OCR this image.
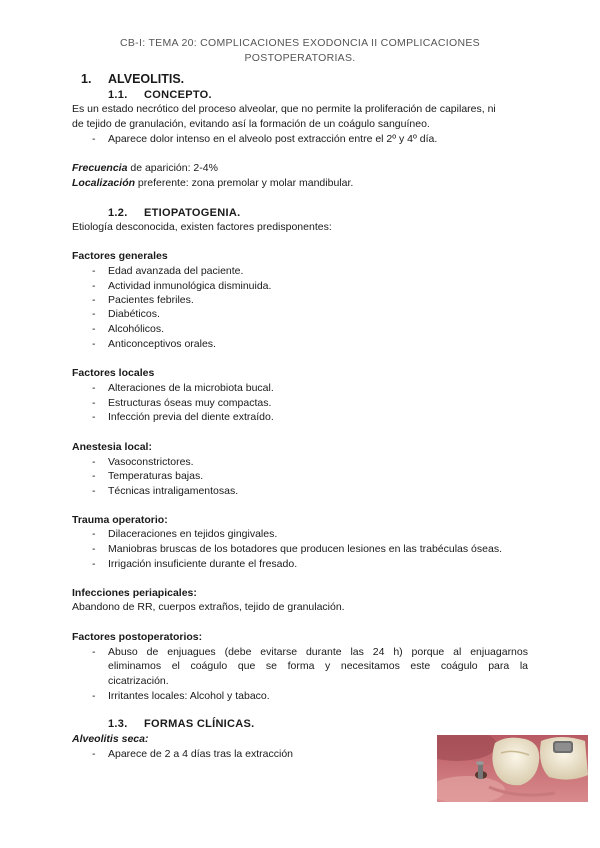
CB-I: TEMA 20: COMPLICACIONES EXODONCIA II COMPLICACIONES
POSTOPERATORIAS.
1. ALVEOLITIS.
1.1. CONCEPTO.
Es un estado necrótico del proceso alveolar, que no permite la proliferación de capilares, ni
de tejido de granulación, evitando así la formación de un coágulo sanguíneo.
- Aparece dolor intenso en el alveolo post extracción entre el 2º y 4º día.
Frecuencia de aparición: 2-4%
Localización preferente: zona premolar y molar mandibular.
1.2. ETIOPATOGENIA.
Etiología desconocida, existen factores predisponentes:
Factores generales
- Edad avanzada del paciente.
- Actividad inmunológica disminuida.
- Pacientes febriles.
- Diabéticos.
- Alcohólicos.
- Anticonceptivos orales.
Factores locales
- Alteraciones de la microbiota bucal.
- Estructuras óseas muy compactas.
- Infección previa del diente extraído.
Anestesia local:
- Vasoconstrictores.
- Temperaturas bajas.
- Técnicas intraligamentosas.
Trauma operatorio:
- Dilaceraciones en tejidos gingivales.
- Maniobras bruscas de los botadores que producen lesiones en las trabéculas óseas.
- Irrigación insuficiente durante el fresado.
Infecciones periapicales:
Abandono de RR, cuerpos extraños, tejido de granulación.
Factores postoperatorios:
- Abuso de enjuagues (debe evitarse durante las 24 h) porque al enjuagarnos
eliminamos el coágulo que se forma y necesitamos este coágulo para la
cicatrización.
- Irritantes locales: Alcohol y tabaco.
1.3. FORMAS CLÍNICAS.
Alveolitis seca:
- Aparece de 2 a 4 días tras la extracción
